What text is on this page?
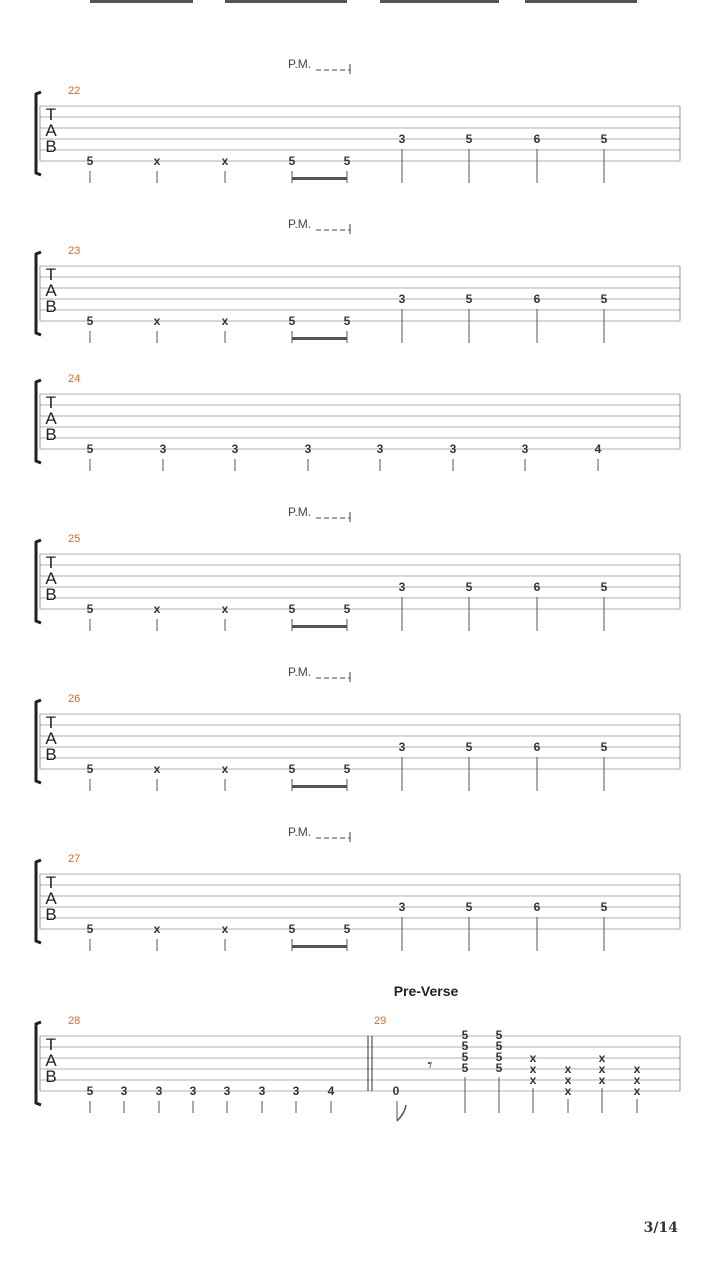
T
A
B
22
P.M.
5	x	x	5	5
3	5	6	5
T
A
B
23
P.M.
5	x	x	5	5
3	5	6	5
T
A
B
24
5	3	3	3	3	3	3	4
T
A
B
25
P.M.
5	x	x	5	5
3	5	6	5
T
A
B
26
P.M.
5	x	x	5	5
3	5	6	5
T
A
B
27
P.M.
5	x	x	5	5
3	5	6	5
T
A
B
28
5 3 3 3 3 3 3 4
29
Pre-Verse
0
𝄾
5
5
5
5
5
5
5
5
x
x
x
x
x
x
x
x
x
x
x
x
3/14
